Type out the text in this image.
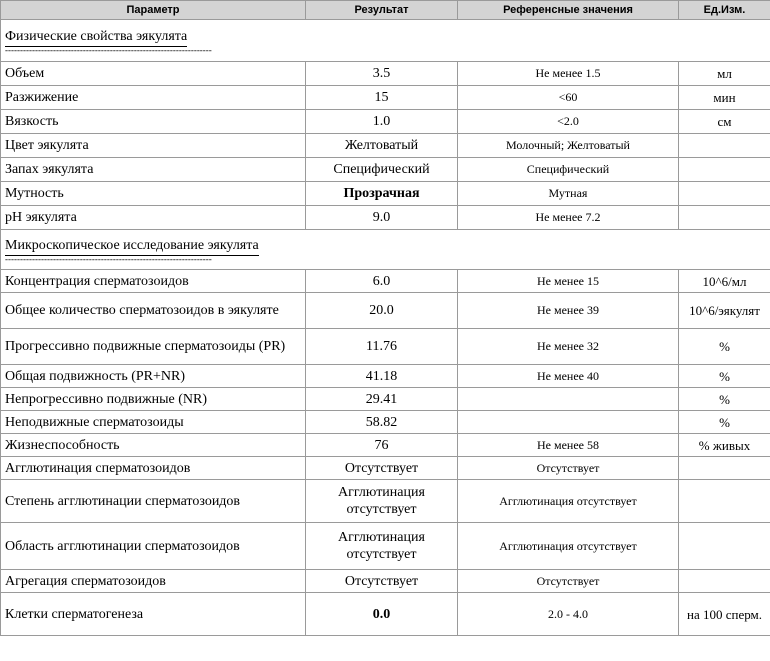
Параметр	Результат	Референсные значения	Ед.Изм.
Физические свойства эякулята
---------------------------------------------------------------------			

Объем	3.5	Не менее 1.5	мл
Разжижение	15	<60	мин
Вязкость	1.0	<2.0	см
Цвет эякулята	Желтоватый	Молочный; Желтоватый	
Запах эякулята	Специфический	Специфический	
Мутность	Прозрачная	Мутная	
pH эякулята	9.0	Не менее 7.2	
Микроскопическое исследование эякулята
---------------------------------------------------------------------			

Концентрация сперматозоидов	6.0	Не менее 15	10^6/мл
Общее количество сперматозоидов в эякуляте	20.0	Не менее 39	10^6/эякулят
Прогрессивно подвижные сперматозоиды (PR)	11.76	Не менее 32	%
Общая подвижность (PR+NR)	41.18	Не менее 40	%
Непрогрессивно подвижные (NR)	29.41		%
Неподвижные сперматозоиды	58.82		%
Жизнеспособность	76	Не менее 58	% живых
Агглютинация сперматозоидов	Отсутствует	Отсутствует	
Степень агглютинации сперматозоидов	Агглютинация отсутствует	Агглютинация отсутствует	
Область агглютинации сперматозоидов	Агглютинация отсутствует	Агглютинация отсутствует	
Агрегация сперматозоидов	Отсутствует	Отсутствует	
Клетки сперматогенеза	0.0	2.0 - 4.0	на 100 сперм.
